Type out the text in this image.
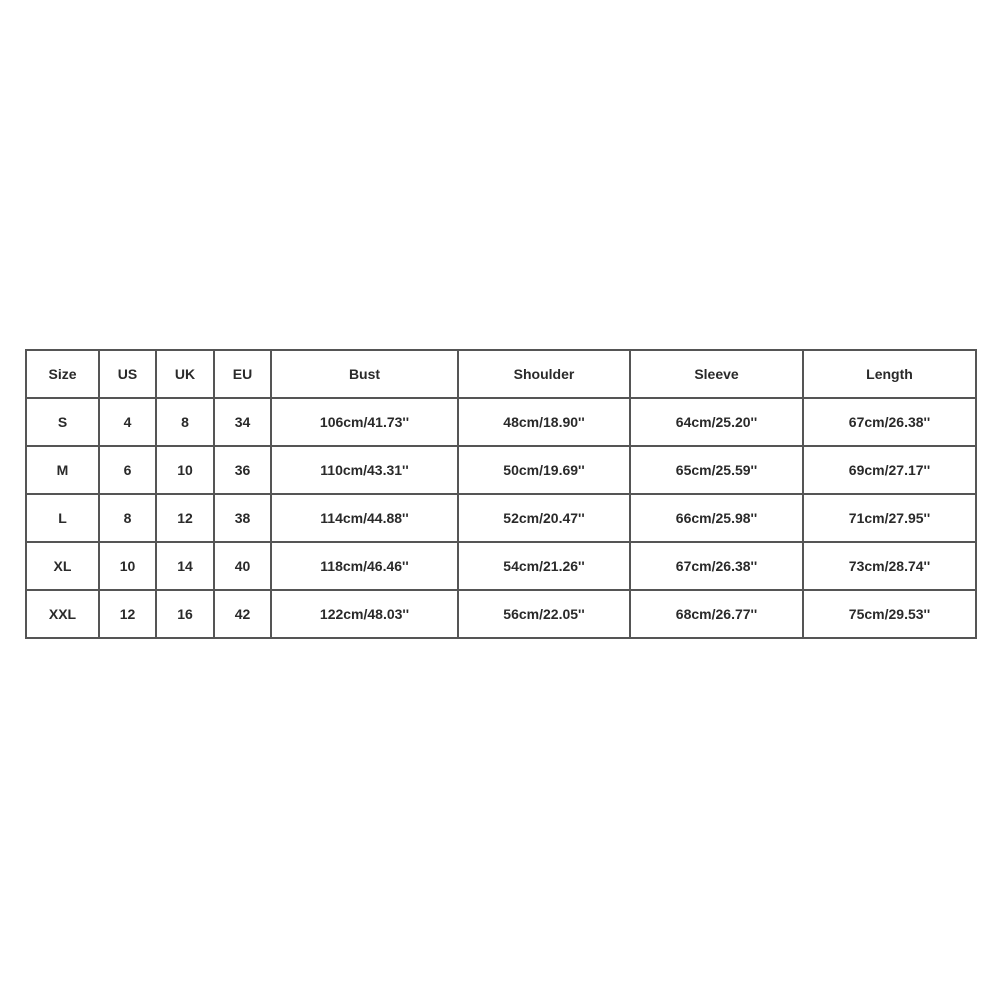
Size	US	UK	EU	Bust	Shoulder	Sleeve	Length
S	4	8	34	106cm/41.73''	48cm/18.90''	64cm/25.20''	67cm/26.38''
M	6	10	36	110cm/43.31''	50cm/19.69''	65cm/25.59''	69cm/27.17''
L	8	12	38	114cm/44.88''	52cm/20.47''	66cm/25.98''	71cm/27.95''
XL	10	14	40	118cm/46.46''	54cm/21.26''	67cm/26.38''	73cm/28.74''
XXL	12	16	42	122cm/48.03''	56cm/22.05''	68cm/26.77''	75cm/29.53''
